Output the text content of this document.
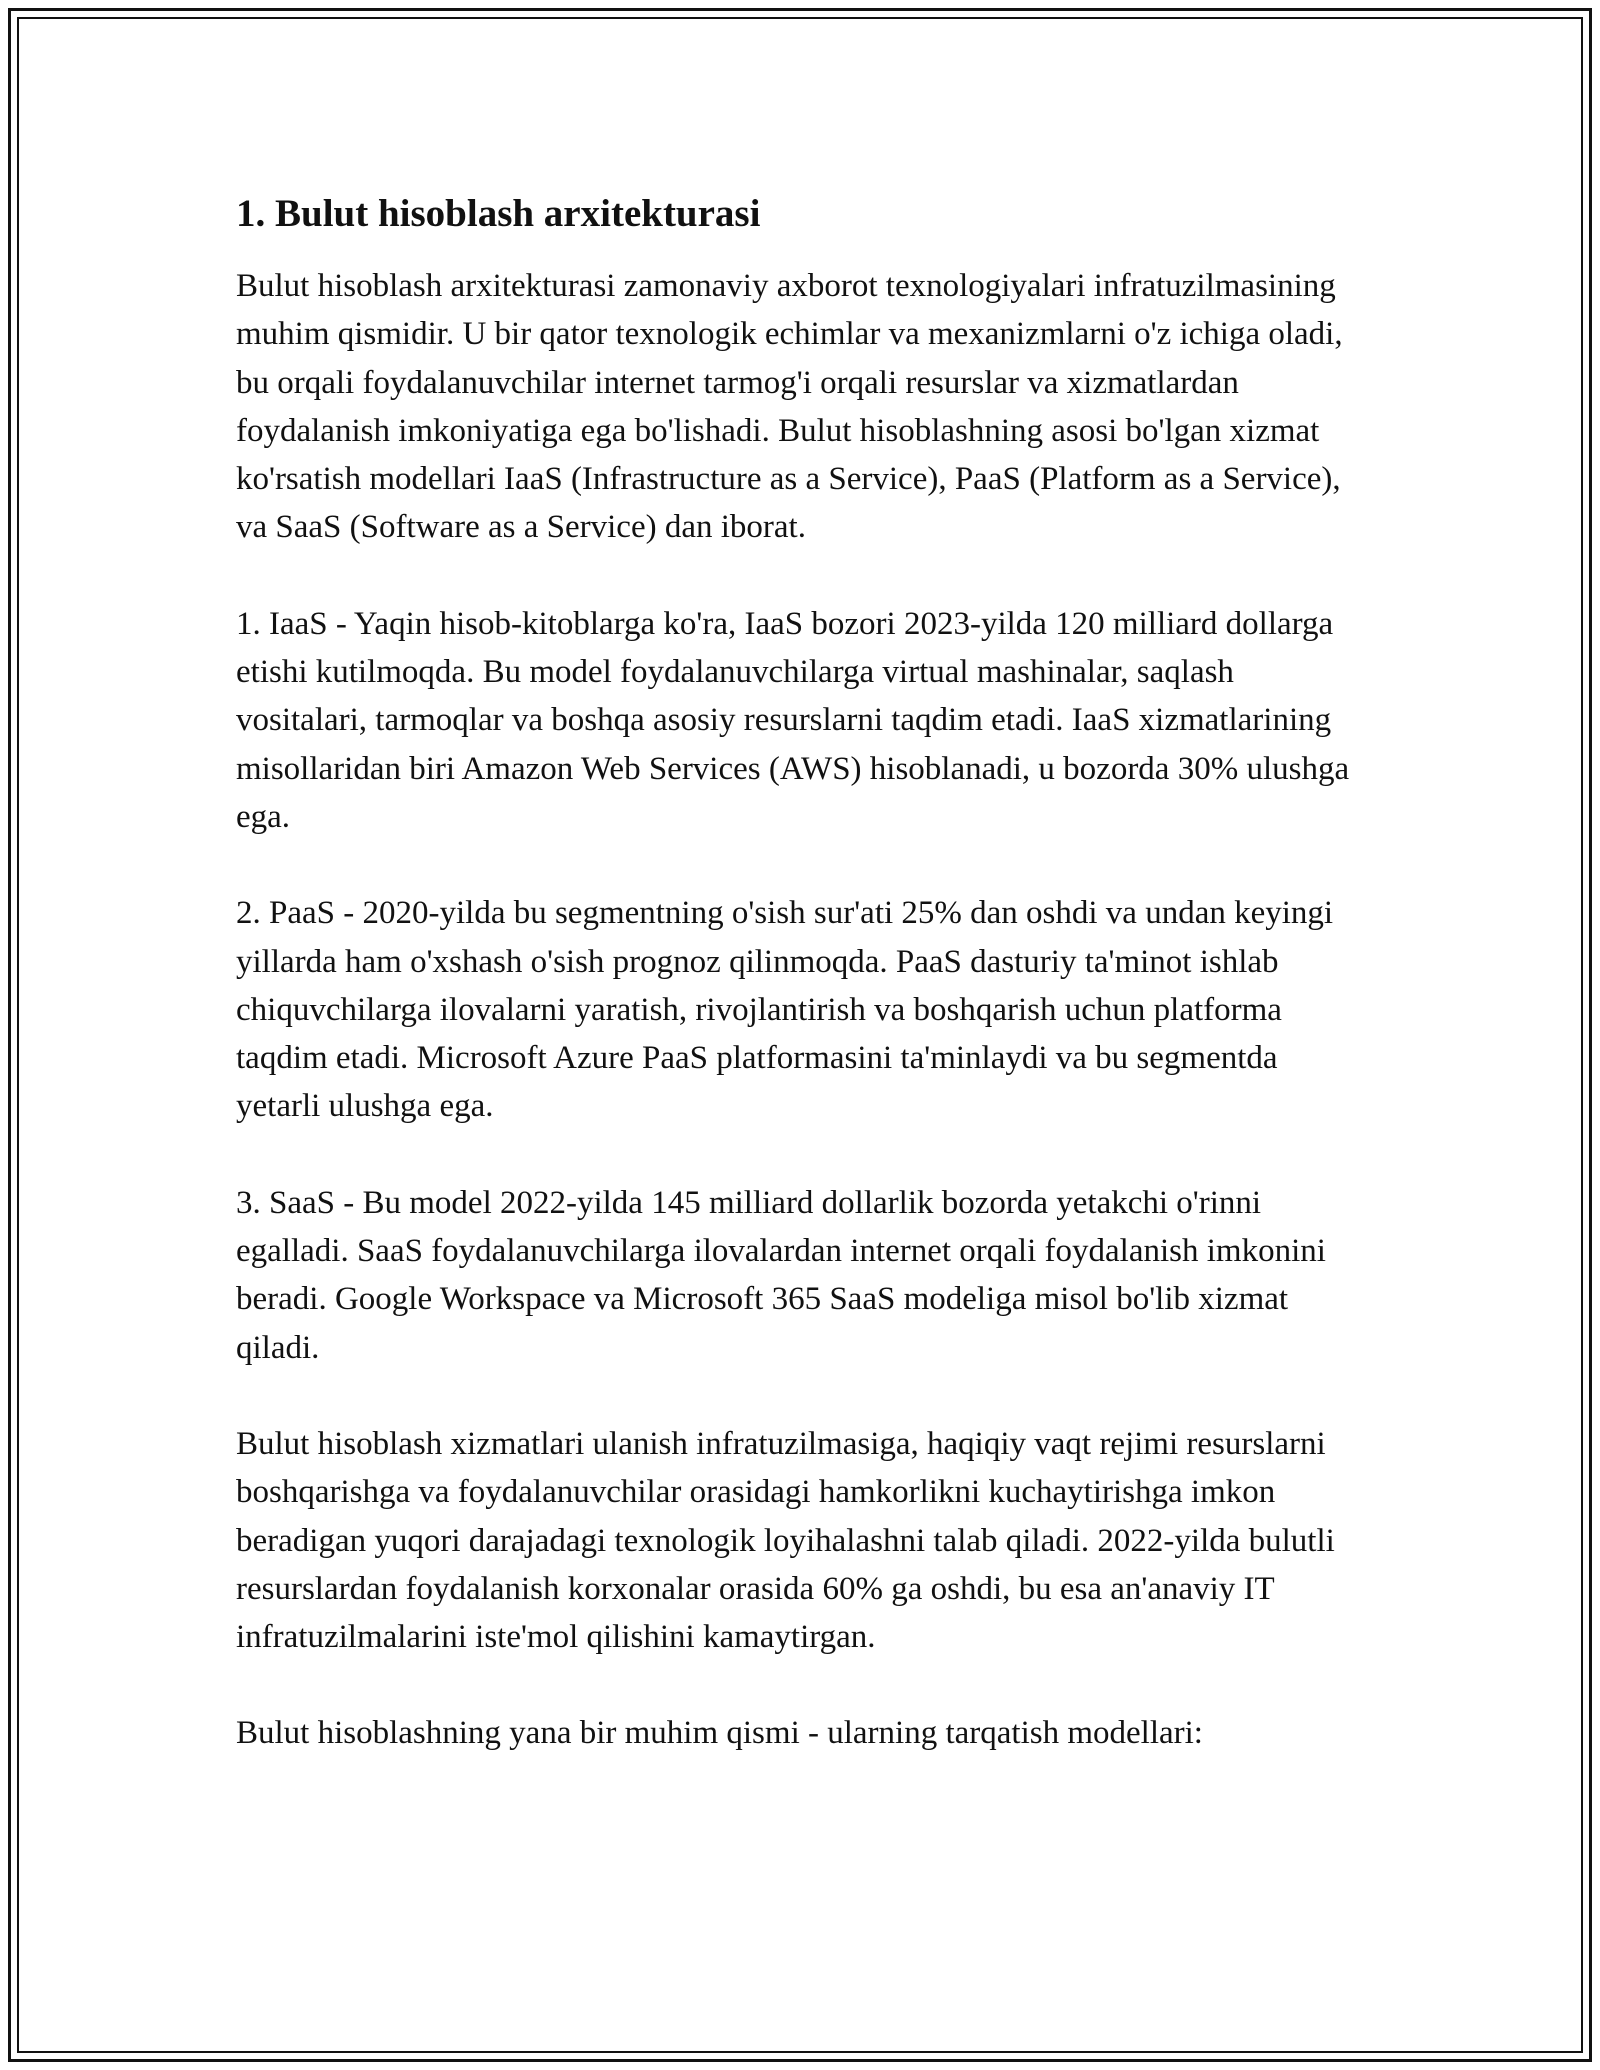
1. Bulut hisoblash arxitekturasi

Bulut hisoblash arxitekturasi zamonaviy axborot texnologiyalari infratuzilmasining muhim qismidir. U bir qator texnologik echimlar va mexanizmlarni o'z ichiga oladi, bu orqali foydalanuvchilar internet tarmog'i orqali resurslar va xizmatlardan foydalanish imkoniyatiga ega bo'lishadi. Bulut hisoblashning asosi bo'lgan xizmat ko'rsatish modellari IaaS (Infrastructure as a Service), PaaS (Platform as a Service), va SaaS (Software as a Service) dan iborat.

1. IaaS - Yaqin hisob-kitoblarga ko'ra, IaaS bozori 2023-yilda 120 milliard dollarga etishi kutilmoqda. Bu model foydalanuvchilarga virtual mashinalar, saqlash vositalari, tarmoqlar va boshqa asosiy resurslarni taqdim etadi. IaaS xizmatlarining misollaridan biri Amazon Web Services (AWS) hisoblanadi, u bozorda 30% ulushga ega.

2. PaaS - 2020-yilda bu segmentning o'sish sur'ati 25% dan oshdi va undan keyingi yillarda ham o'xshash o'sish prognoz qilinmoqda. PaaS dasturiy ta'minot ishlab chiquvchilarga ilovalarni yaratish, rivojlantirish va boshqarish uchun platforma taqdim etadi. Microsoft Azure PaaS platformasini ta'minlaydi va bu segmentda yetarli ulushga ega.

3. SaaS - Bu model 2022-yilda 145 milliard dollarlik bozorda yetakchi o'rinni egalladi. SaaS foydalanuvchilarga ilovalardan internet orqali foydalanish imkonini beradi. Google Workspace va Microsoft 365 SaaS modeliga misol bo'lib xizmat qiladi.

Bulut hisoblash xizmatlari ulanish infratuzilmasiga, haqiqiy vaqt rejimi resurslarni boshqarishga va foydalanuvchilar orasidagi hamkorlikni kuchaytirishga imkon beradigan yuqori darajadagi texnologik loyihalashni talab qiladi. 2022-yilda bulutli resurslardan foydalanish korxonalar orasida 60% ga oshdi, bu esa an'anaviy IT infratuzilmalarini iste'mol qilishini kamaytirgan.

Bulut hisoblashning yana bir muhim qismi - ularning tarqatish modellari:
